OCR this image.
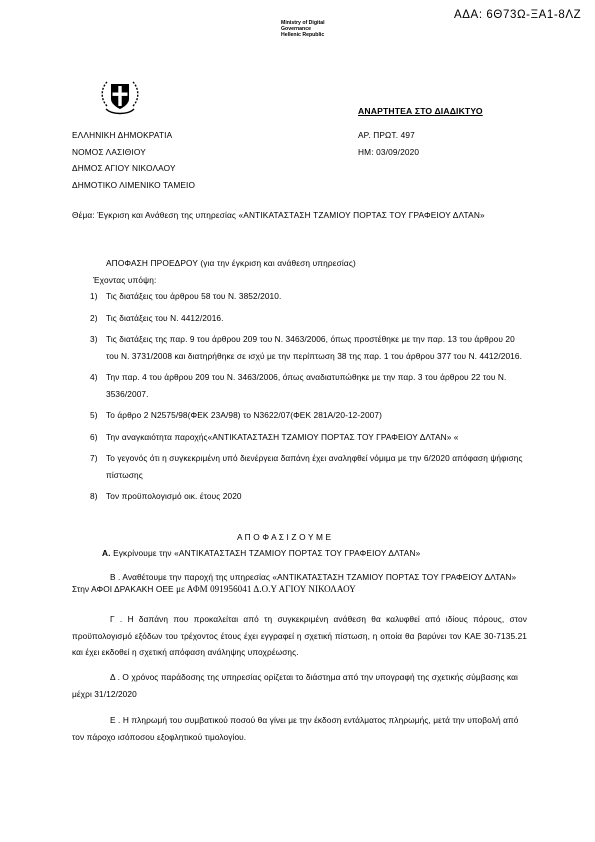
ΑΔΑ: 6Θ73Ω-ΞΑ1-8ΛΖ
Ministry of Digital
Governance
Hellenic Republic
ΑΝΑΡΤΗΤΕΑ ΣΤΟ ΔΙΑΔΙΚΤΥΟ
ΕΛΛΗΝΙΚΗ ΔΗΜΟΚΡΑΤΙΑ
ΝΟΜΟΣ ΛΑΣΙΘΙΟΥ
ΔΗΜΟΣ ΑΓΙΟΥ ΝΙΚΟΛΑΟΥ
ΔΗΜΟΤΙΚΟ ΛΙΜΕΝΙΚΟ ΤΑΜΕΙΟ
ΑΡ. ΠΡΩΤ. 497
ΗΜ: 03/09/2020
Θέμα: Έγκριση και Ανάθεση της υπηρεσίας «ΑΝΤΙΚΑΤΑΣΤΑΣΗ ΤΖΑΜΙΟΥ ΠΟΡΤΑΣ ΤΟΥ ΓΡΑΦΕΙΟΥ ΔΛΤΑΝ»
ΑΠΟΦΑΣΗ ΠΡΟΕΔΡΟΥ (για την έγκριση και ανάθεση υπηρεσίας)
Έχοντας υπόψη:
1) Τις διατάξεις του άρθρου 58 του Ν. 3852/2010.
2) Τις διατάξεις του Ν. 4412/2016.
3) Τις διατάξεις της παρ. 9 του άρθρου 209 του Ν. 3463/2006, όπως προστέθηκε με την παρ. 13 του άρθρου 20 του Ν. 3731/2008 και διατηρήθηκε σε ισχύ με την περίπτωση 38 της παρ. 1 του άρθρου 377 του Ν. 4412/2016.
4) Την παρ. 4 του άρθρου 209 του Ν. 3463/2006, όπως αναδιατυπώθηκε με την παρ. 3 του άρθρου 22 του Ν. 3536/2007.
5) Το άρθρο 2 Ν2575/98(ΦΕΚ 23Α/98) το Ν3622/07(ΦΕΚ 281Α/20-12-2007)
6) Την αναγκαιότητα παροχής«ΑΝΤΙΚΑΤΑΣΤΑΣΗ ΤΖΑΜΙΟΥ ΠΟΡΤΑΣ ΤΟΥ ΓΡΑΦΕΙΟΥ ΔΛΤΑΝ» «
7) Το γεγονός ότι η συγκεκριμένη υπό διενέργεια δαπάνη έχει αναληφθεί νόμιμα με την 6/2020 απόφαση ψήφισης πίστωσης
8) Τον προϋπολογισμό οικ. έτους 2020
Α Π Ο Φ Α Σ Ι Ζ Ο Υ Μ Ε
Α. Εγκρίνουμε την «ΑΝΤΙΚΑΤΑΣΤΑΣΗ ΤΖΑΜΙΟΥ ΠΟΡΤΑΣ ΤΟΥ ΓΡΑΦΕΙΟΥ ΔΛΤΑΝ»
Β . Αναθέτουμε την παροχή της υπηρεσίας «ΑΝΤΙΚΑΤΑΣΤΑΣΗ ΤΖΑΜΙΟΥ ΠΟΡΤΑΣ ΤΟΥ ΓΡΑΦΕΙΟΥ ΔΛΤΑΝ» Στην ΑΦΟΙ ΔΡΑΚΑΚΗ ΟΕΕ με ΑΦΜ 091956041 Δ.Ο.Υ ΑΓΙΟΥ ΝΙΚΟΛΑΟΥ
Γ . Η δαπάνη που προκαλείται από τη συγκεκριμένη ανάθεση θα καλυφθεί από ιδίους πόρους, στον προϋπολογισμό εξόδων του τρέχοντος έτους έχει εγγραφεί η σχετική πίστωση, η οποία θα βαρύνει τον ΚΑΕ 30-7135.21 και έχει εκδοθεί η σχετική απόφαση ανάληψης υποχρέωσης.
Δ . Ο χρόνος παράδοσης της υπηρεσίας ορίζεται το διάστημα από την υπογραφή της σχετικής σύμβασης και μέχρι 31/12/2020
Ε . Η πληρωμή του συμβατικού ποσού θα γίνει με την έκδοση εντάλματος πληρωμής, μετά την υποβολή από τον πάροχο ισόποσου εξοφλητικού τιμολογίου.
